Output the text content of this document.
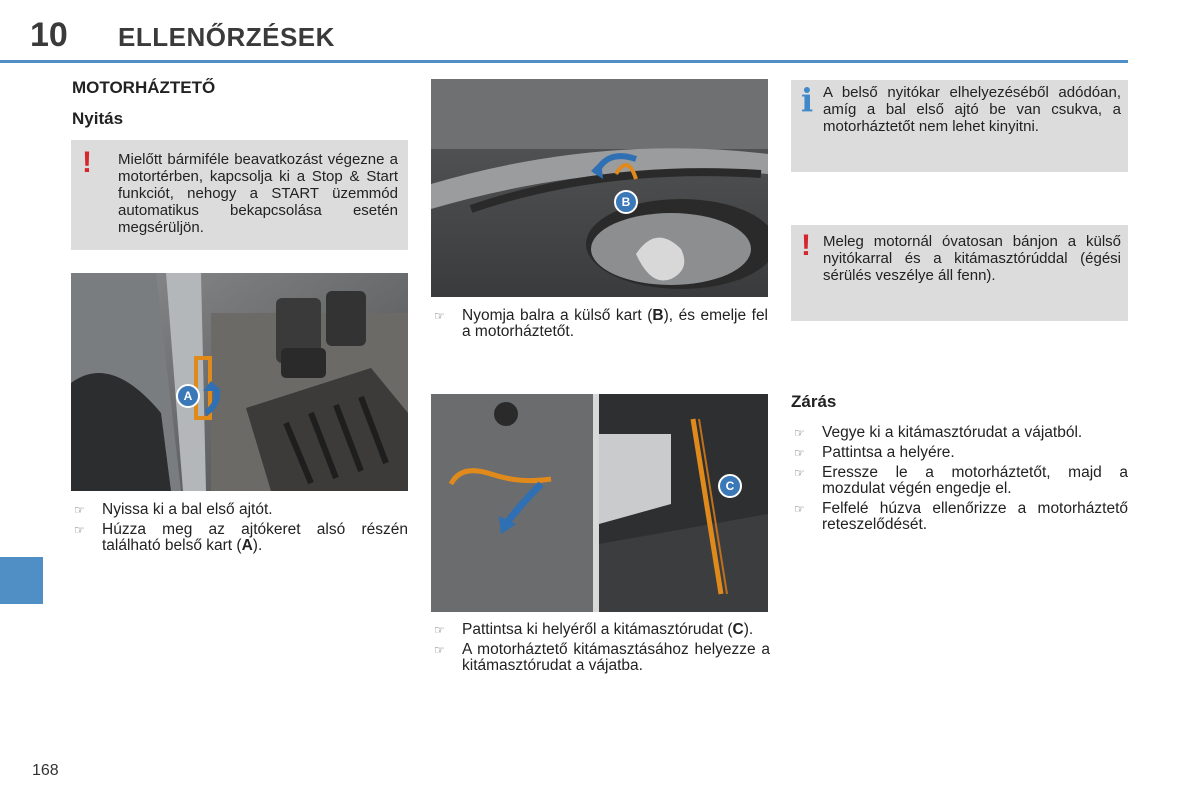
10 ELLENŐRZÉSEK
168
MOTORHÁZTETŐ
Nyitás
! Mielőtt bármiféle beavatkozást végezne a motortérben, kapcsolja ki a Stop & Start funkciót, nehogy a START üzemmód automatikus bekapcsolása esetén megsérüljön.
A
☞ Nyissa ki a bal első ajtót.
☞ Húzza meg az ajtókeret alsó részén található belső kart (A).
B
☞ Nyomja balra a külső kart (B), és emelje fel a motorháztetőt.
C
☞ Pattintsa ki helyéről a kitámasztórudat (C).
☞ A motorháztető kitámasztásához helyezze a kitámasztórudat a vájatba.
i A belső nyitókar elhelyezéséből adódóan, amíg a bal első ajtó be van csukva, a motorháztetőt nem lehet kinyitni.
! Meleg motornál óvatosan bánjon a külső nyitókarral és a kitámasztórúddal (égési sérülés veszélye áll fenn).
Zárás
☞ Vegye ki a kitámasztórudat a vájatból.
☞ Pattintsa a helyére.
☞ Eressze le a motorháztetőt, majd a mozdulat végén engedje el.
☞ Felfelé húzva ellenőrizze a motorháztető reteszelődését.
